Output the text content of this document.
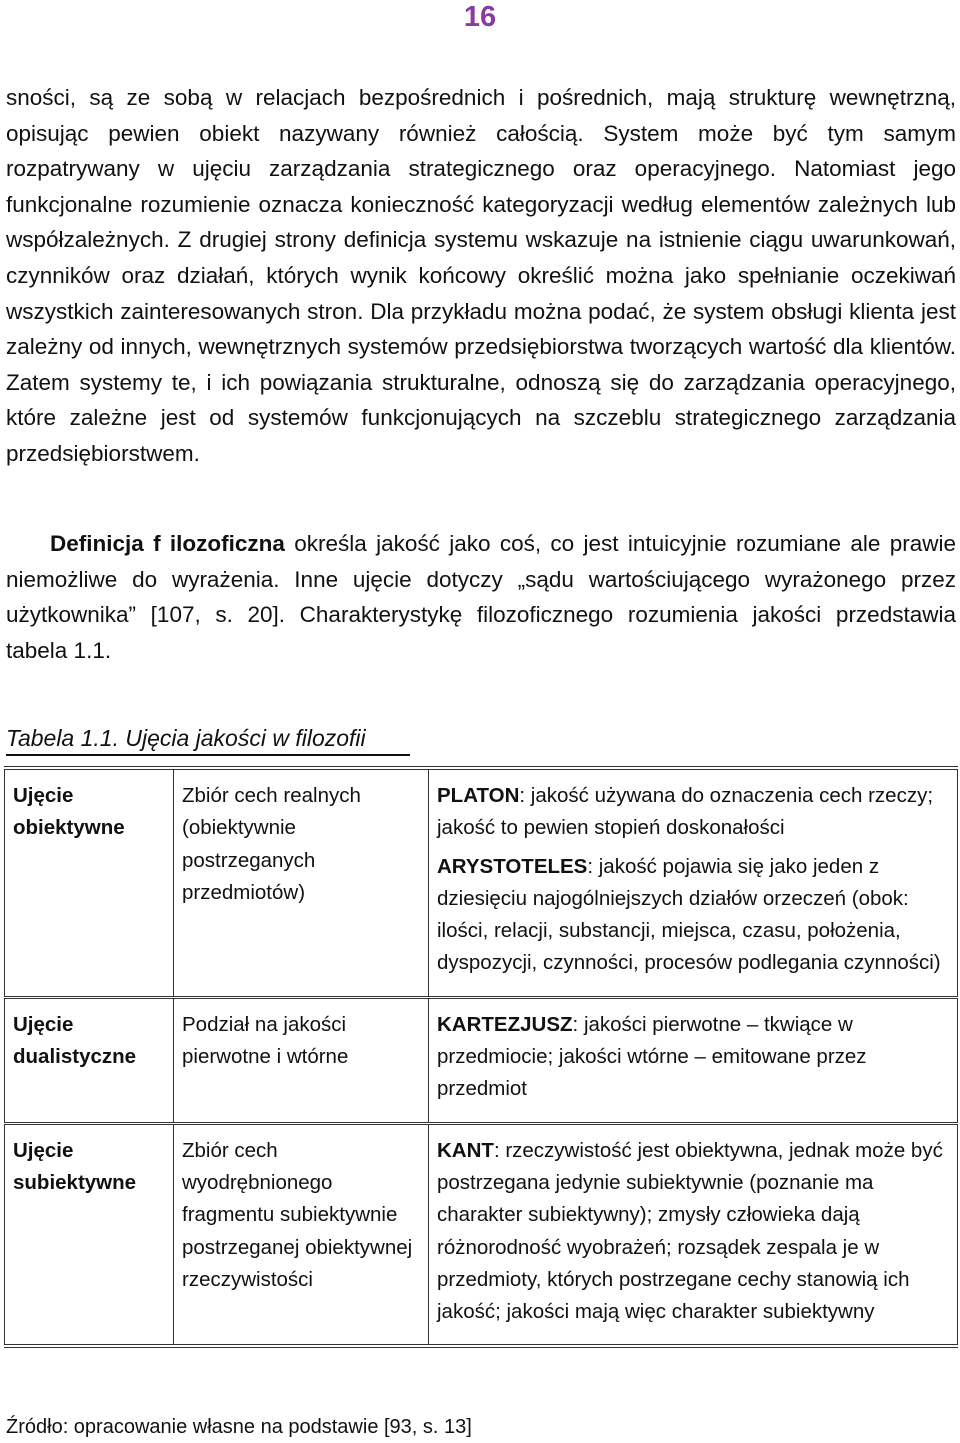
16

sności, są ze sobą w relacjach bezpośrednich i pośrednich, mają strukturę wewnętrzną, opisując pewien obiekt nazywany również całością. System może być tym samym rozpatrywany w ujęciu zarządzania strategicznego oraz operacyjnego. Natomiast jego funkcjonalne rozumienie oznacza konieczność kategoryzacji według elementów zależnych lub współzależnych. Z drugiej strony definicja systemu wskazuje na istnienie ciągu uwarunkowań, czynników oraz działań, których wynik końcowy określić można jako spełnianie oczekiwań wszystkich zainteresowanych stron. Dla przykładu można podać, że system obsługi klienta jest zależny od innych, wewnętrznych systemów przedsiębiorstwa tworzących wartość dla klientów. Zatem systemy te, i ich powiązania strukturalne, odnoszą się do zarządzania operacyjnego, które zależne jest od systemów funkcjonujących na szczeblu strategicznego zarządzania przedsiębiorstwem.

Definicja f ilozoficzna określa jakość jako coś, co jest intuicyjnie rozumiane ale prawie niemożliwe do wyrażenia. Inne ujęcie dotyczy „sądu wartościującego wyrażonego przez użytkownika” [107, s. 20]. Charakterystykę filozoficznego rozumienia jakości przedstawia tabela 1.1.

Tabela 1.1. Ujęcia jakości w filozofii
Ujęcie obiektywne	Zbiór cech realnych (obiektywnie postrzeganych przedmiotów)	PLATON: jakość używana do oznaczenia cech rzeczy; jakość to pewien stopień doskonałości

ARYSTOTELES: jakość pojawia się jako jeden z dziesięciu najogólniejszych działów orzeczeń (obok: ilości, relacji, substancji, miejsca, czasu, położenia, dyspozycji, czynności, procesów podlegania czynności)

Ujęcie dualistyczne	Podział na jakości pierwotne i wtórne	KARTEZJUSZ: jakości pierwotne – tkwiące w przedmiocie; jakości wtórne – emitowane przez przedmiot

Ujęcie subiektywne	Zbiór cech wyodrębnionego fragmentu subiektywnie postrzeganej obiektywnej rzeczywistości	KANT: rzeczywistość jest obiektywna, jednak może być postrzegana jedynie subiektywnie (poznanie ma charakter subiektywny); zmysły człowieka dają różnorodność wyobrażeń; rozsądek zespala je w przedmioty, których postrzegane cechy stanowią ich jakość; jakości mają więc charakter subiektywny

Źródło: opracowanie własne na podstawie [93, s. 13]
